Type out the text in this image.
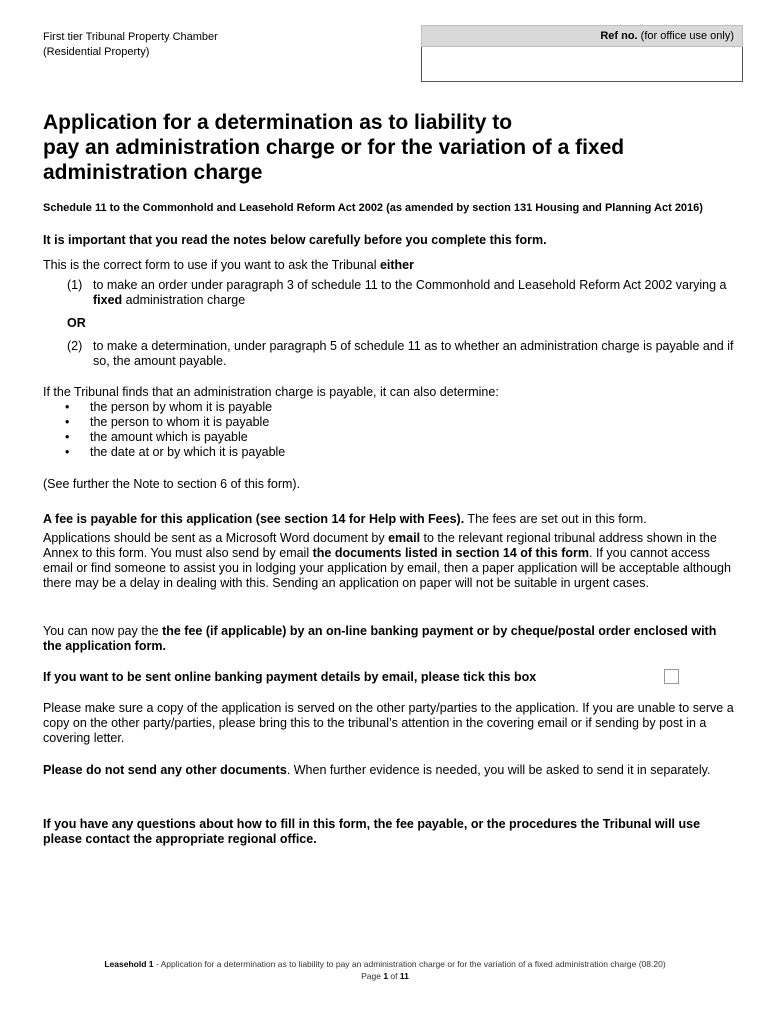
First tier Tribunal Property Chamber
(Residential Property)
Ref no. (for office use only)
Application for a determination as to liability to
pay an administration charge or for the variation of a fixed
administration charge
Schedule 11 to the Commonhold and Leasehold Reform Act 2002 (as amended by section 131 Housing and Planning Act 2016)
It is important that you read the notes below carefully before you complete this form.
This is the correct form to use if you want to ask the Tribunal either
(1) to make an order under paragraph 3 of schedule 11 to the Commonhold and Leasehold Reform Act 2002 varying a fixed administration charge
OR
(2) to make a determination, under paragraph 5 of schedule 11 as to whether an administration charge is payable and if so, the amount payable.
If the Tribunal finds that an administration charge is payable, it can also determine:
• the person by whom it is payable
• the person to whom it is payable
• the amount which is payable
• the date at or by which it is payable
(See further the Note to section 6 of this form).
A fee is payable for this application (see section 14 for Help with Fees). The fees are set out in this form.
Applications should be sent as a Microsoft Word document by email to the relevant regional tribunal address shown in the Annex to this form. You must also send by email the documents listed in section 14 of this form. If you cannot access email or find someone to assist you in lodging your application by email, then a paper application will be acceptable although there may be a delay in dealing with this. Sending an application on paper will not be suitable in urgent cases.
You can now pay the the fee (if applicable) by an on-line banking payment or by cheque/postal order enclosed with the application form.
If you want to be sent online banking payment details by email, please tick this box
Please make sure a copy of the application is served on the other party/parties to the application. If you are unable to serve a copy on the other party/parties, please bring this to the tribunal’s attention in the covering email or if sending by post in a covering letter.
Please do not send any other documents. When further evidence is needed, you will be asked to send it in separately.
If you have any questions about how to fill in this form, the fee payable, or the procedures the Tribunal will use please contact the appropriate regional office.
Leasehold 1 - Application for a determination as to liability to pay an administration charge or for the variation of a fixed administration charge (08.20)
Page 1 of 11
